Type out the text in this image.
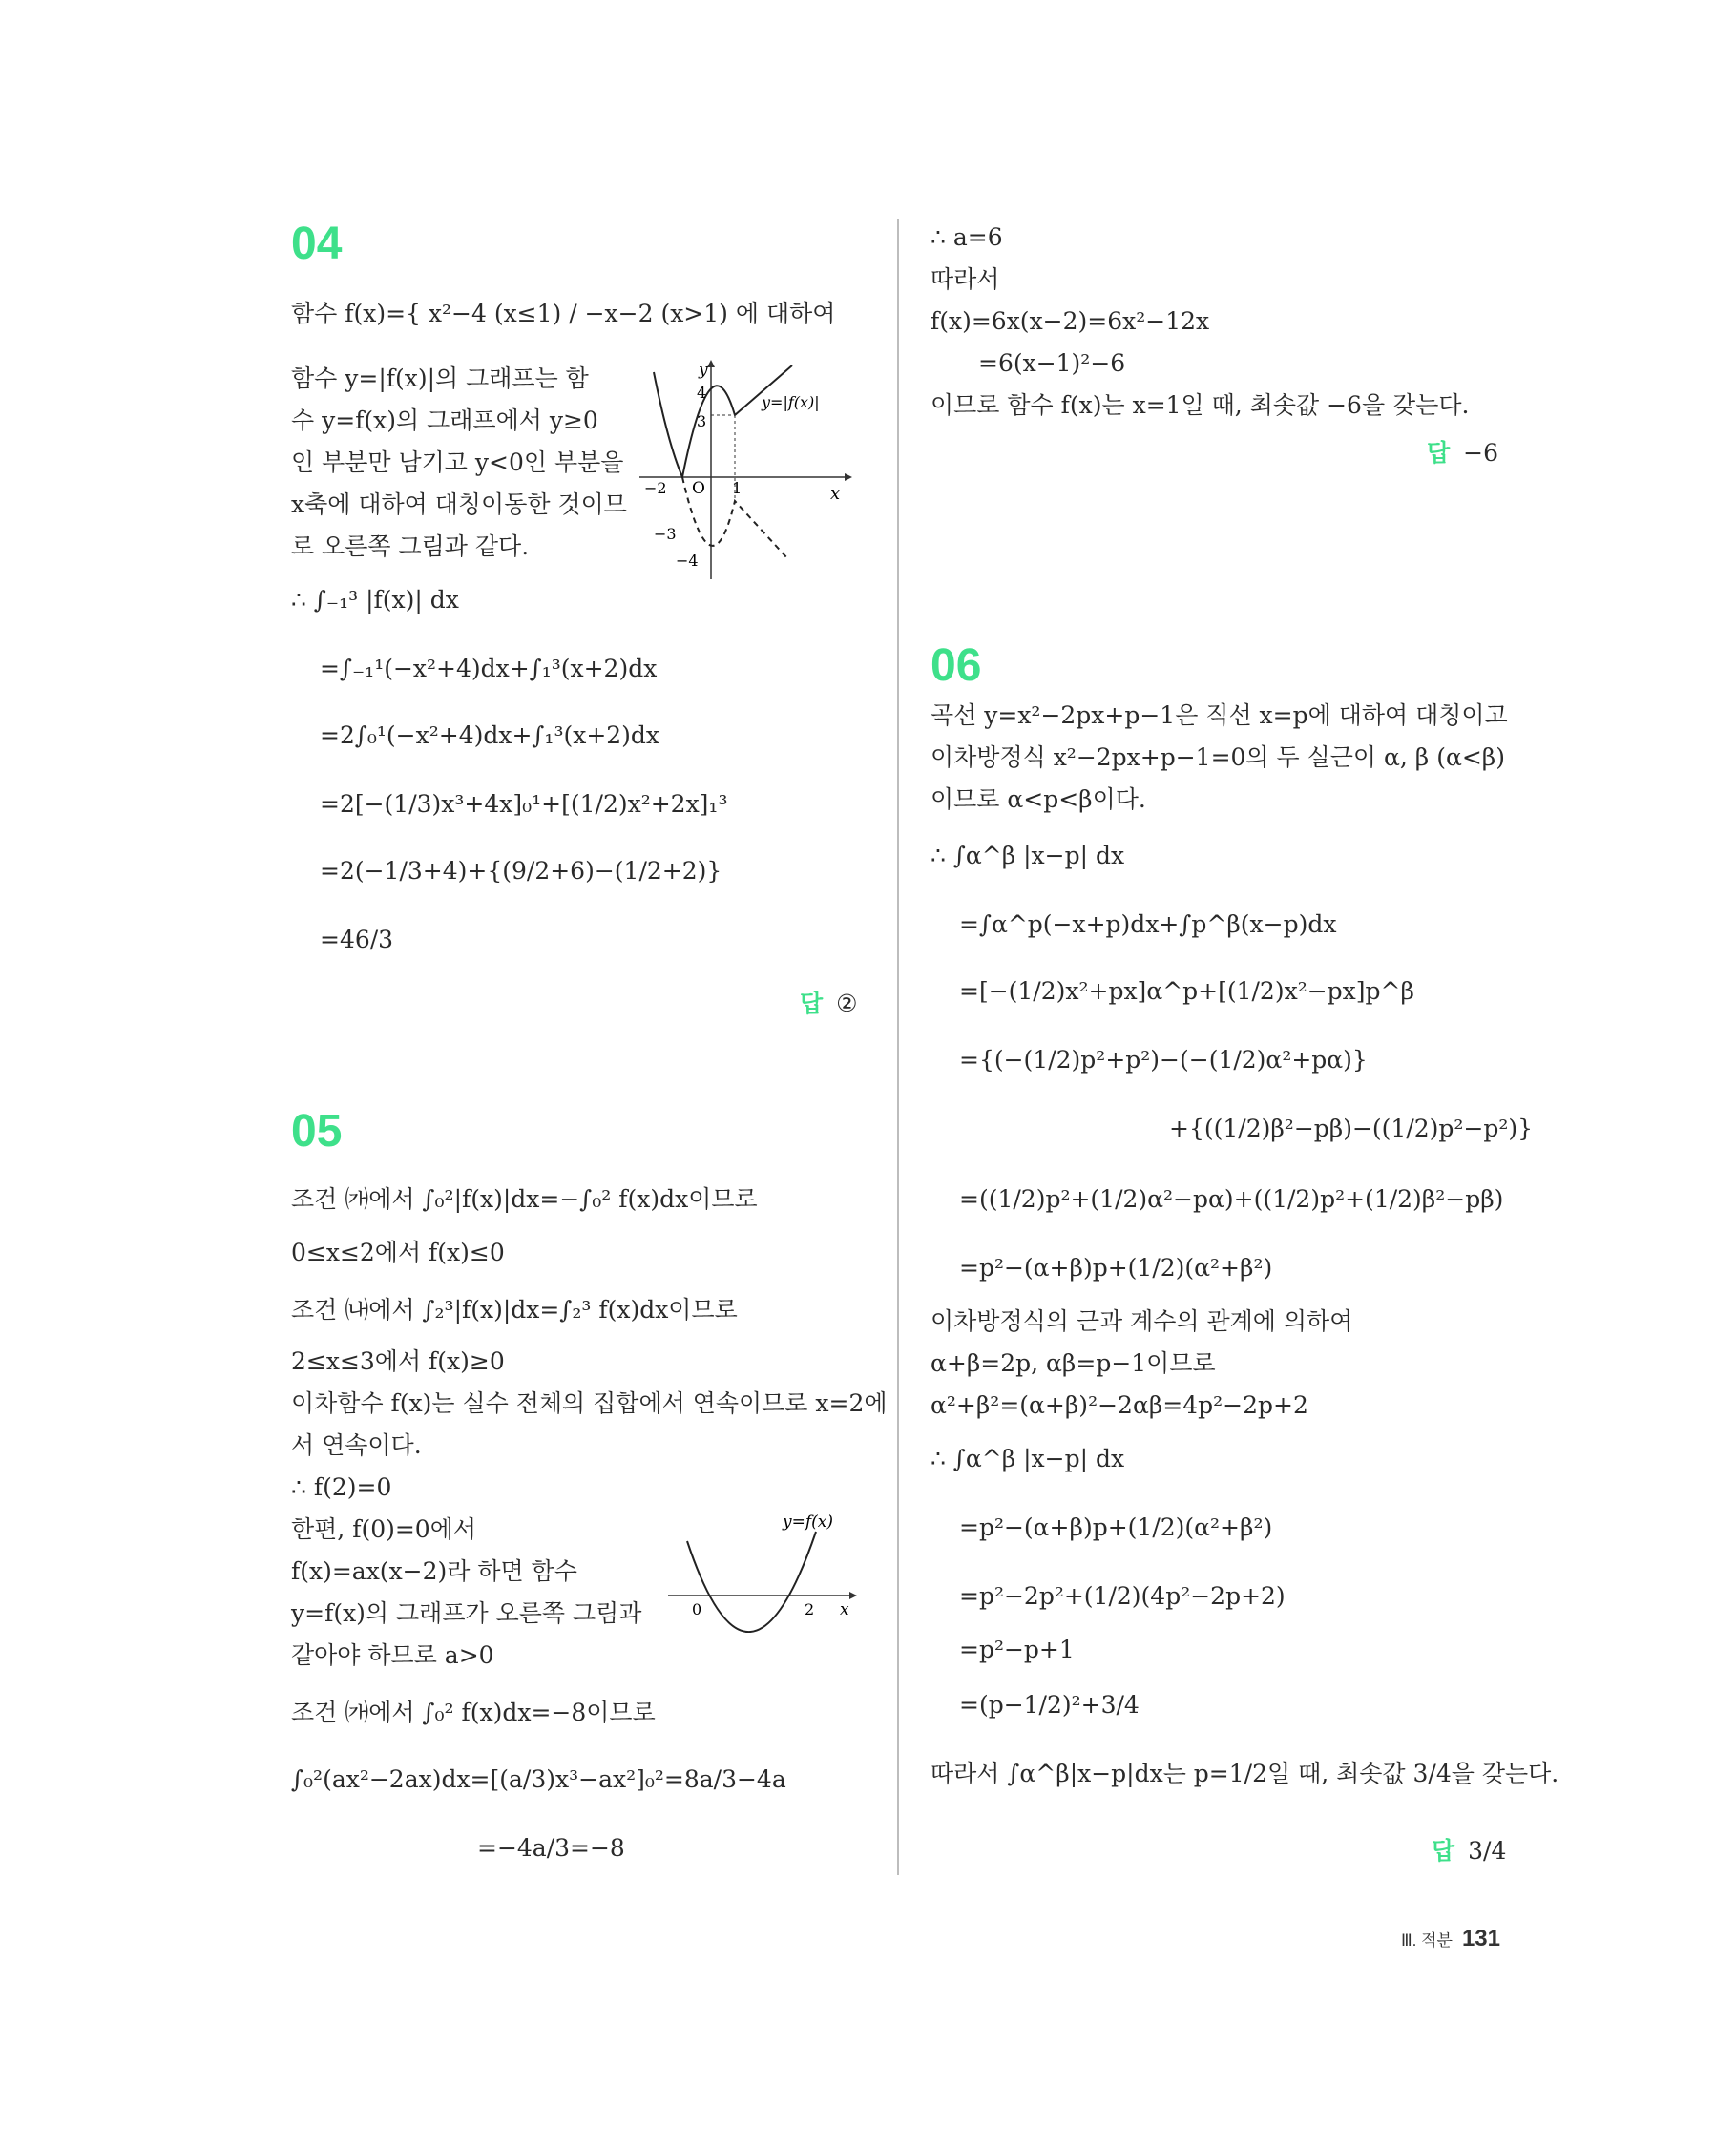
04
함수 f(x)={ x²−4 (x≤1) / −x−2 (x>1) 에 대하여
함수 y=|f(x)|의 그래프는 함
수 y=f(x)의 그래프에서 y≥0
인 부분만 남기고 y<0인 부분을
x축에 대하여 대칭이동한 것이므
로 오른쪽 그림과 같다.
∴ ∫₋₁³ |f(x)| dx
=∫₋₁¹(−x²+4)dx+∫₁³(x+2)dx
=2∫₀¹(−x²+4)dx+∫₁³(x+2)dx
=2[−(1/3)x³+4x]₀¹+[(1/2)x²+2x]₁³
=2(−1/3+4)+{(9/2+6)−(1/2+2)}
=46/3
답 ②
y
x
4
3
−2 O 1
−3
−4
y=|f(x)|
05
조건 ㈎에서 ∫₀²|f(x)|dx=−∫₀² f(x)dx이므로
0≤x≤2에서 f(x)≤0
조건 ㈏에서 ∫₂³|f(x)|dx=∫₂³ f(x)dx이므로
2≤x≤3에서 f(x)≥0
이차함수 f(x)는 실수 전체의 집합에서 연속이므로 x=2에
서 연속이다.
∴ f(2)=0
한편, f(0)=0에서
f(x)=ax(x−2)라 하면 함수
y=f(x)의 그래프가 오른쪽 그림과
같아야 하므로 a>0
조건 ㈎에서 ∫₀² f(x)dx=−8이므로
∫₀²(ax²−2ax)dx=[(a/3)x³−ax²]₀²=8a/3−4a
=−4a/3=−8
y=f(x)
0	2 x
∴ a=6
따라서
f(x)=6x(x−2)=6x²−12x
=6(x−1)²−6
이므로 함수 f(x)는 x=1일 때, 최솟값 −6을 갖는다.
답 −6
06
곡선 y=x²−2px+p−1은 직선 x=p에 대하여 대칭이고
이차방정식 x²−2px+p−1=0의 두 실근이 α, β (α<β)
이므로 α<p<β이다.
∴ ∫α^β |x−p| dx
=∫α^p(−x+p)dx+∫p^β(x−p)dx
=[−(1/2)x²+px]α^p+[(1/2)x²−px]p^β
={(−(1/2)p²+p²)−(−(1/2)α²+pα)}
+{((1/2)β²−pβ)−((1/2)p²−p²)}
=((1/2)p²+(1/2)α²−pα)+((1/2)p²+(1/2)β²−pβ)
=p²−(α+β)p+(1/2)(α²+β²)
이차방정식의 근과 계수의 관계에 의하여
α+β=2p, αβ=p−1이므로
α²+β²=(α+β)²−2αβ=4p²−2p+2
∴ ∫α^β |x−p| dx
=p²−(α+β)p+(1/2)(α²+β²)
=p²−2p²+(1/2)(4p²−2p+2)
=p²−p+1
=(p−1/2)²+3/4
따라서 ∫α^β|x−p|dx는 p=1/2일 때, 최솟값 3/4을 갖는다.
답 3/4
Ⅲ. 적분 131
